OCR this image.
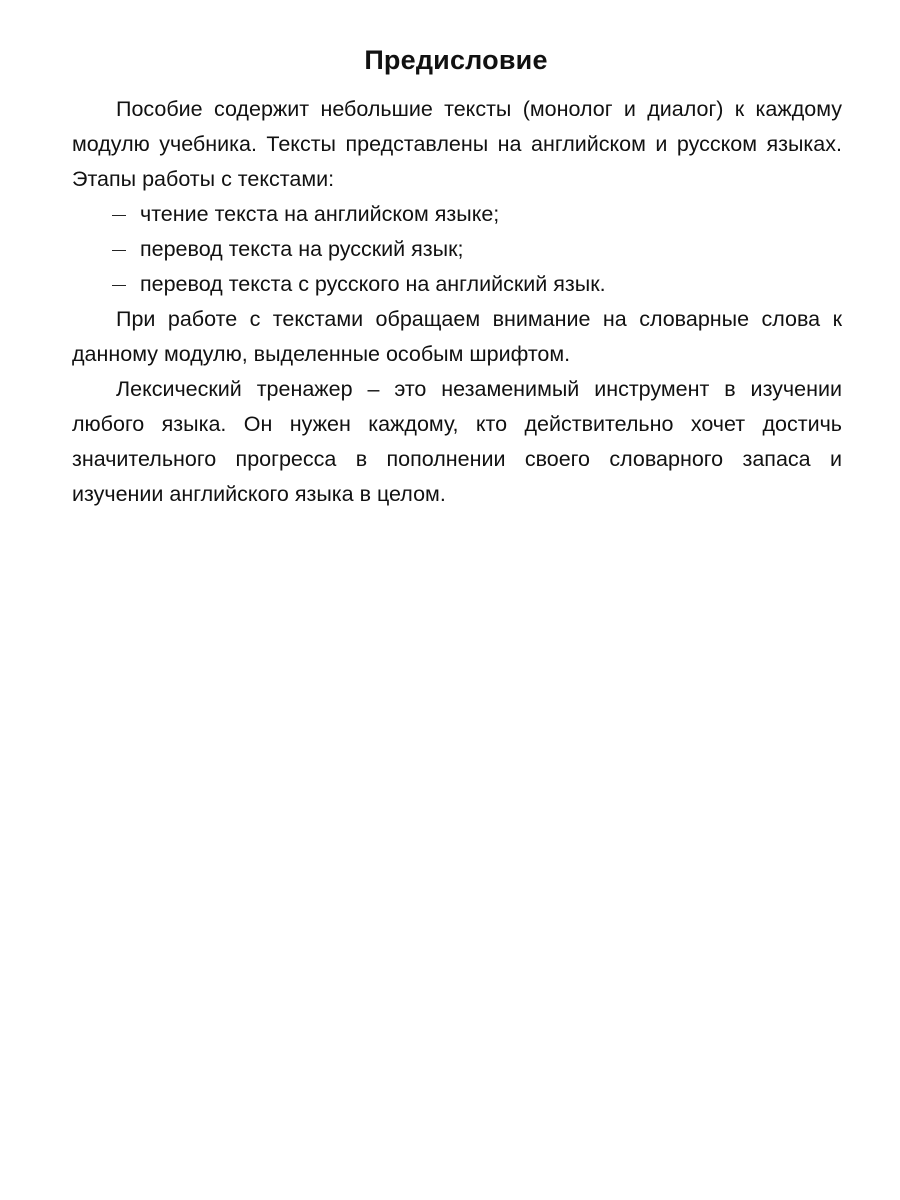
Предисловие

Пособие содержит небольшие тексты (монолог и диалог) к каждому модулю учебника. Тексты представлены на английском и русском языках. Этапы работы с текстами:

— чтение текста на английском языке;
— перевод текста на русский язык;
— перевод текста с русского на английский язык.

При работе с текстами обращаем внимание на словарные слова к данному модулю, выделенные особым шрифтом.

Лексический тренажер – это незаменимый инструмент в изучении любого языка. Он нужен каждому, кто действительно хочет достичь значительного прогресса в пополнении своего словарного запаса и изучении английского языка в целом.
